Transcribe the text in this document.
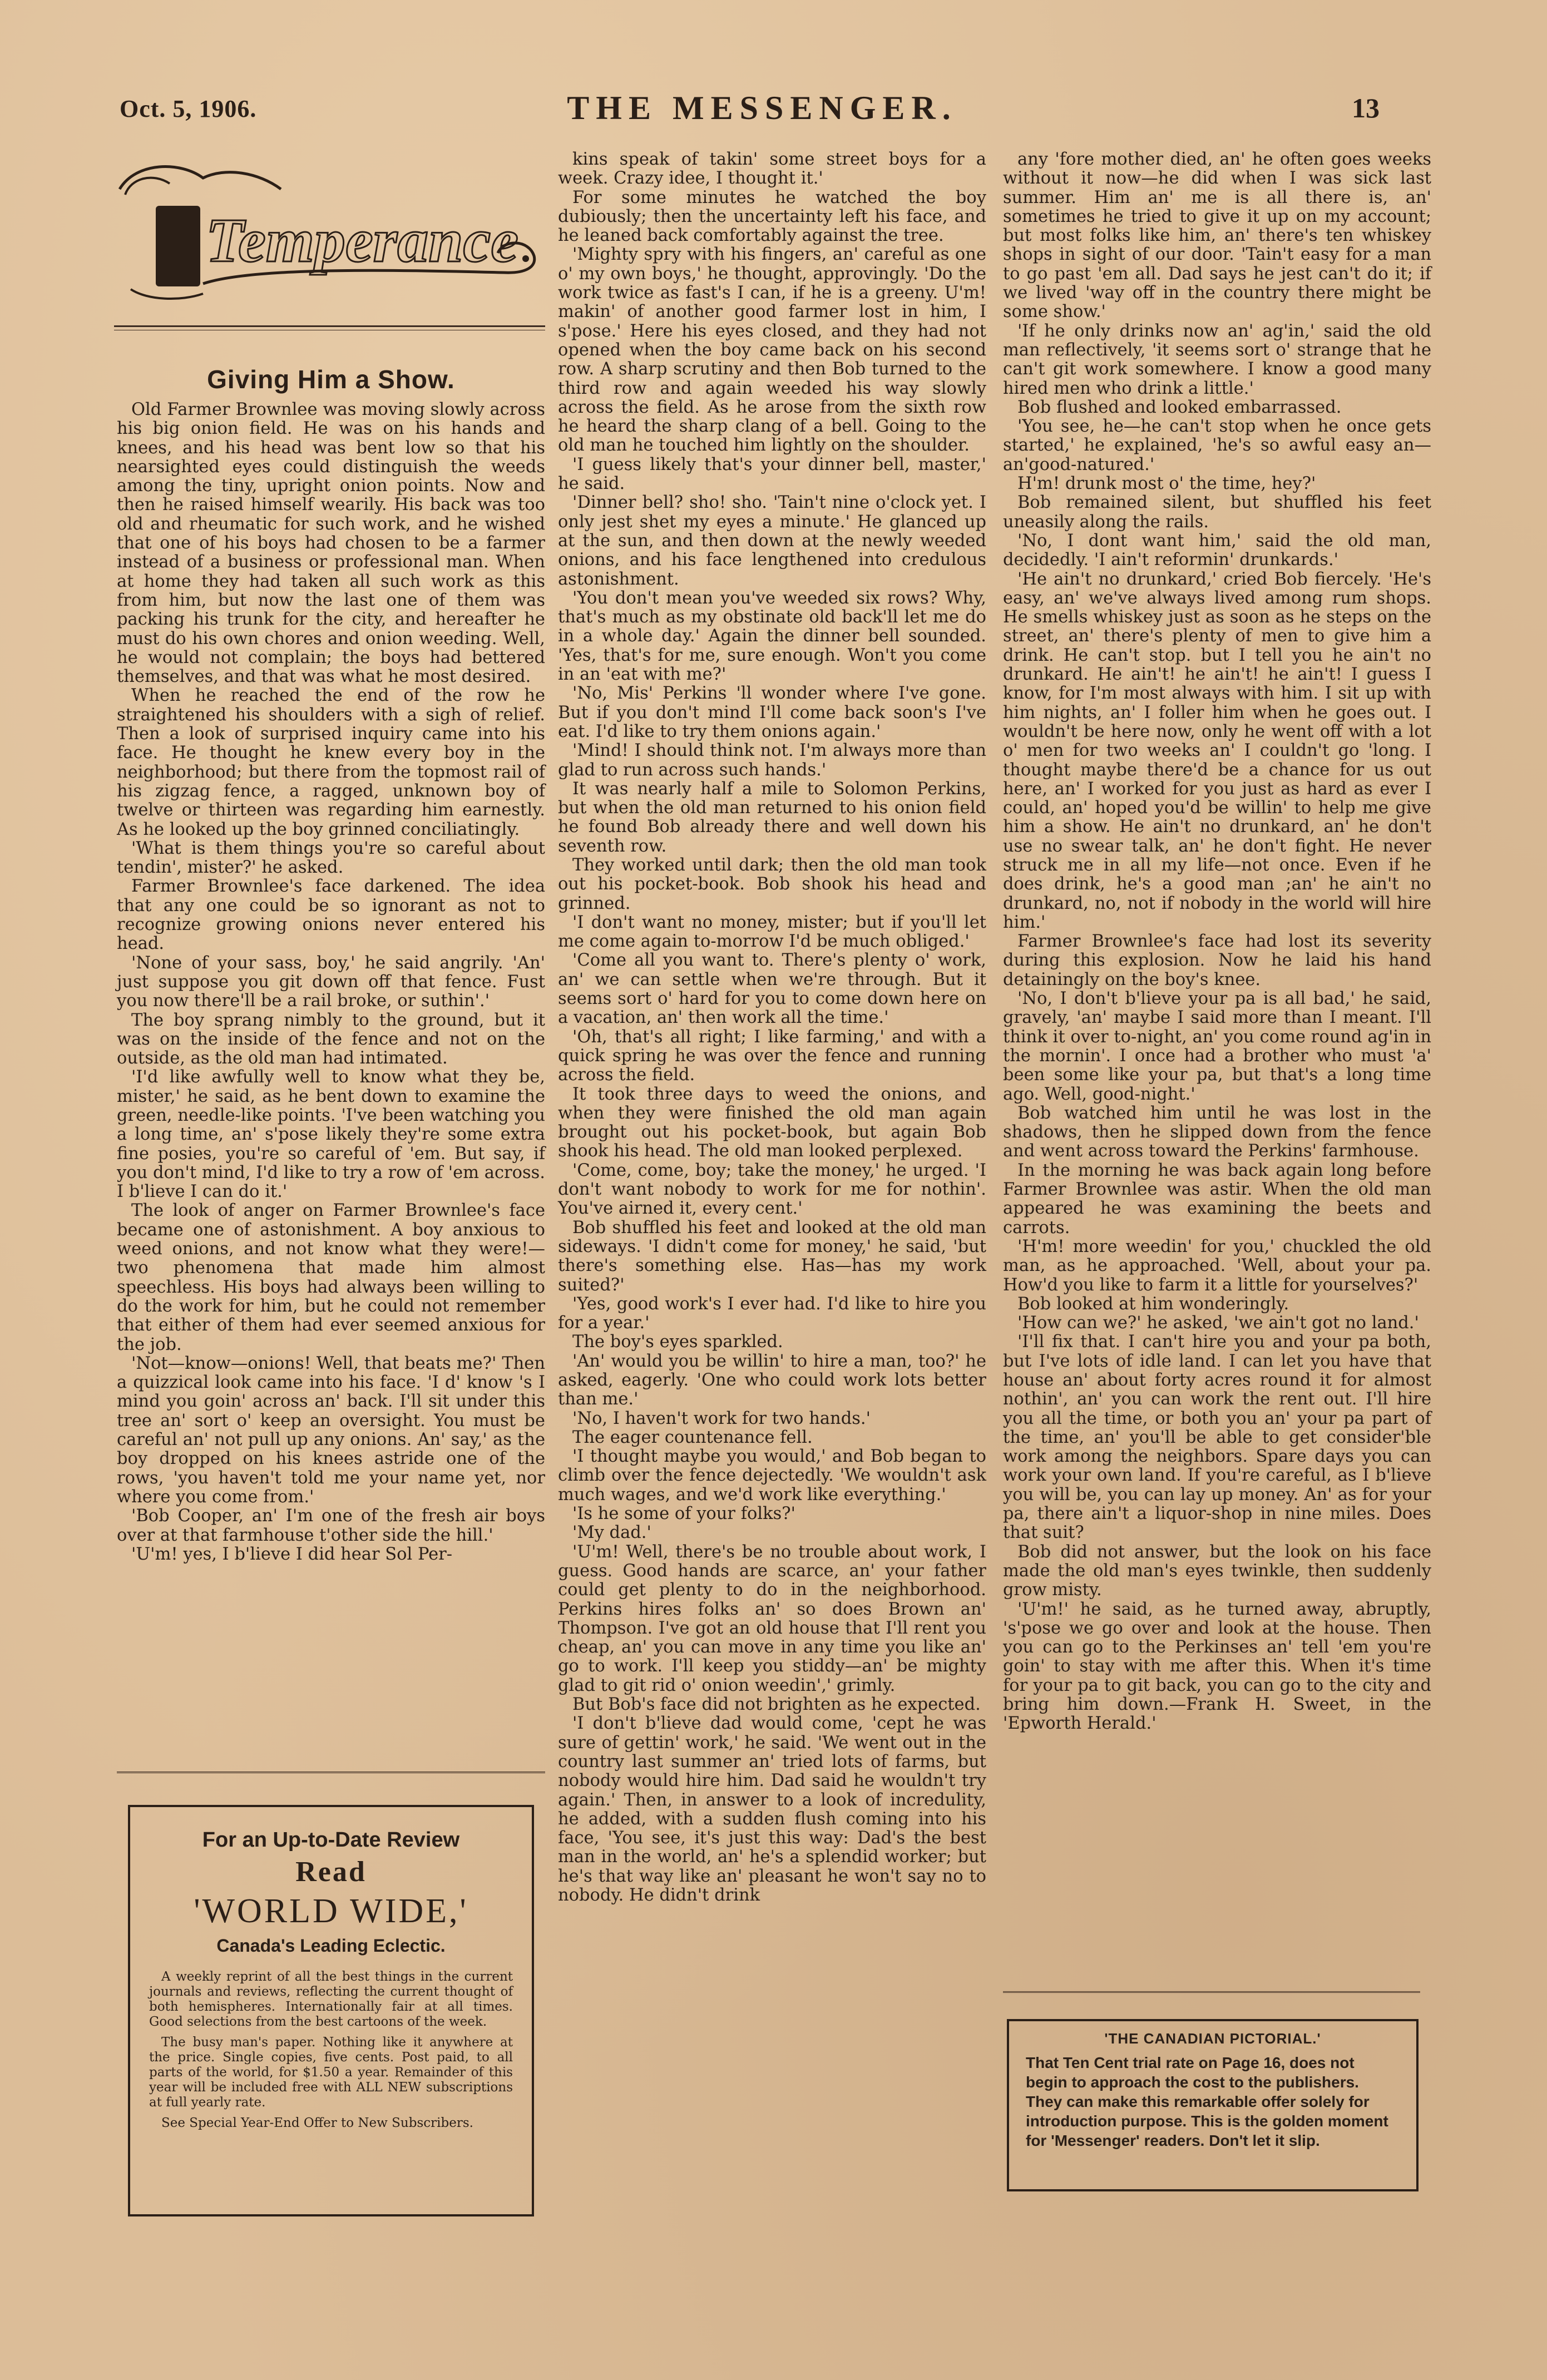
Oct. 5, 1906.	THE MESSENGER.	13
Temperance
Giving Him a Show.

Old Farmer Brownlee was moving slowly across his big onion field. He was on his hands and knees, and his head was bent low so that his nearsighted eyes could distinguish the weeds among the tiny, upright onion points. Now and then he raised himself wearily. His back was too old and rheumatic for such work, and he wished that one of his boys had chosen to be a farmer instead of a business or professional man. When at home they had taken all such work as this from him, but now the last one of them was packing his trunk for the city, and hereafter he must do his own chores and onion weeding. Well, he would not complain; the boys had bettered themselves, and that was what he most desired.

When he reached the end of the row he straightened his shoulders with a sigh of relief. Then a look of surprised inquiry came into his face. He thought he knew every boy in the neighborhood; but there from the topmost rail of his zigzag fence, a ragged, unknown boy of twelve or thirteen was regarding him earnestly. As he looked up the boy grinned conciliatingly.

'What is them things you're so careful about tendin', mister?' he asked.

Farmer Brownlee's face darkened. The idea that any one could be so ignorant as not to recognize growing onions never entered his head.

'None of your sass, boy,' he said angrily. 'An' just suppose you git down off that fence. Fust you now there'll be a rail broke, or suthin'.'

The boy sprang nimbly to the ground, but it was on the inside of the fence and not on the outside, as the old man had intimated.

'I'd like awfully well to know what they be, mister,' he said, as he bent down to examine the green, needle-like points. 'I've been watching you a long time, an' s'pose likely they're some extra fine posies, you're so careful of 'em. But say, if you don't mind, I'd like to try a row of 'em across. I b'lieve I can do it.'

The look of anger on Farmer Brownlee's face became one of astonishment. A boy anxious to weed onions, and not know what they were!—two phenomena that made him almost speechless. His boys had always been willing to do the work for him, but he could not remember that either of them had ever seemed anxious for the job.

'Not—know—onions! Well, that beats me?' Then a quizzical look came into his face. 'I d' know 's I mind you goin' across an' back. I'll sit under this tree an' sort o' keep an oversight. You must be careful an' not pull up any onions. An' say,' as the boy dropped on his knees astride one of the rows, 'you haven't told me your name yet, nor where you come from.'

'Bob Cooper, an' I'm one of the fresh air boys over at that farmhouse t'other side the hill.'

'U'm! yes, I b'lieve I did hear Sol Per-

For an Up-to-Date Review
Read
'WORLD WIDE,'
Canada's Leading Eclectic.

A weekly reprint of all the best things in the current journals and reviews, reflecting the current thought of both hemispheres. Internationally fair at all times. Good selections from the best cartoons of the week.

The busy man's paper. Nothing like it anywhere at the price. Single copies, five cents. Post paid, to all parts of the world, for $1.50 a year. Remainder of this year will be included free with ALL NEW subscriptions at full yearly rate.

See Special Year-End Offer to New Subscribers.

kins speak of takin' some street boys for a week. Crazy idee, I thought it.'

For some minutes he watched the boy dubiously; then the uncertainty left his face, and he leaned back comfortably against the tree.

'Mighty spry with his fingers, an' careful as one o' my own boys,' he thought, approvingly. 'Do the work twice as fast's I can, if he is a greeny. U'm! makin' of another good farmer lost in him, I s'pose.' Here his eyes closed, and they had not opened when the boy came back on his second row. A sharp scrutiny and then Bob turned to the third row and again weeded his way slowly across the field. As he arose from the sixth row he heard the sharp clang of a bell. Going to the old man he touched him lightly on the shoulder.

'I guess likely that's your dinner bell, master,' he said.

'Dinner bell? sho! sho. 'Tain't nine o'clock yet. I only jest shet my eyes a minute.' He glanced up at the sun, and then down at the newly weeded onions, and his face lengthened into credulous astonishment.

'You don't mean you've weeded six rows? Why, that's much as my obstinate old back'll let me do in a whole day.' Again the dinner bell sounded. 'Yes, that's for me, sure enough. Won't you come in an 'eat with me?'

'No, Mis' Perkins 'll wonder where I've gone. But if you don't mind I'll come back soon's I've eat. I'd like to try them onions again.'

'Mind! I should think not. I'm always more than glad to run across such hands.'

It was nearly half a mile to Solomon Perkins, but when the old man returned to his onion field he found Bob already there and well down his seventh row.

They worked until dark; then the old man took out his pocket-book. Bob shook his head and grinned.

'I don't want no money, mister; but if you'll let me come again to-morrow I'd be much obliged.'

'Come all you want to. There's plenty o' work, an' we can settle when we're through. But it seems sort o' hard for you to come down here on a vacation, an' then work all the time.'

'Oh, that's all right; I like farming,' and with a quick spring he was over the fence and running across the field.

It took three days to weed the onions, and when they were finished the old man again brought out his pocket-book, but again Bob shook his head. The old man looked perplexed.

'Come, come, boy; take the money,' he urged. 'I don't want nobody to work for me for nothin'. You've airned it, every cent.'

Bob shuffled his feet and looked at the old man sideways. 'I didn't come for money,' he said, 'but there's something else. Has—has my work suited?'

'Yes, good work's I ever had. I'd like to hire you for a year.'

The boy's eyes sparkled.

'An' would you be willin' to hire a man, too?' he asked, eagerly. 'One who could work lots better than me.'

'No, I haven't work for two hands.'

The eager countenance fell.

'I thought maybe you would,' and Bob began to climb over the fence dejectedly. 'We wouldn't ask much wages, and we'd work like everything.'

'Is he some of your folks?'

'My dad.'

'U'm! Well, there's be no trouble about work, I guess. Good hands are scarce, an' your father could get plenty to do in the neighborhood. Perkins hires folks an' so does Brown an' Thompson. I've got an old house that I'll rent you cheap, an' you can move in any time you like an' go to work. I'll keep you stiddy—an' be mighty glad to git rid o' onion weedin',' grimly.

But Bob's face did not brighten as he expected.

'I don't b'lieve dad would come, 'cept he was sure of gettin' work,' he said. 'We went out in the country last summer an' tried lots of farms, but nobody would hire him. Dad said he wouldn't try again.' Then, in answer to a look of incredulity, he added, with a sudden flush coming into his face, 'You see, it's just this way: Dad's the best man in the world, an' he's a splendid worker; but he's that way like an' pleasant he won't say no to nobody. He didn't drink

any 'fore mother died, an' he often goes weeks without it now—he did when I was sick last summer. Him an' me is all there is, an' sometimes he tried to give it up on my account; but most folks like him, an' there's ten whiskey shops in sight of our door. 'Tain't easy for a man to go past 'em all. Dad says he jest can't do it; if we lived 'way off in the country there might be some show.'

'If he only drinks now an' ag'in,' said the old man reflectively, 'it seems sort o' strange that he can't git work somewhere. I know a good many hired men who drink a little.'

Bob flushed and looked embarrassed.

'You see, he—he can't stop when he once gets started,' he explained, 'he's so awful easy an—an'good-natured.'

H'm! drunk most o' the time, hey?'

Bob remained silent, but shuffled his feet uneasily along the rails.

'No, I dont want him,' said the old man, decidedly. 'I ain't reformin' drunkards.'

'He ain't no drunkard,' cried Bob fiercely. 'He's easy, an' we've always lived among rum shops. He smells whiskey just as soon as he steps on the street, an' there's plenty of men to give him a drink. He can't stop. but I tell you he ain't no drunkard. He ain't! he ain't! he ain't! I guess I know, for I'm most always with him. I sit up with him nights, an' I foller him when he goes out. I wouldn't be here now, only he went off with a lot o' men for two weeks an' I couldn't go 'long. I thought maybe there'd be a chance for us out here, an' I worked for you just as hard as ever I could, an' hoped you'd be willin' to help me give him a show. He ain't no drunkard, an' he don't use no swear talk, an' he don't fight. He never struck me in all my life—not once. Even if he does drink, he's a good man ;an' he ain't no drunkard, no, not if nobody in the world will hire him.'

Farmer Brownlee's face had lost its severity during this explosion. Now he laid his hand detainingly on the boy's knee.

'No, I don't b'lieve your pa is all bad,' he said, gravely, 'an' maybe I said more than I meant. I'll think it over to-night, an' you come round ag'in in the mornin'. I once had a brother who must 'a' been some like your pa, but that's a long time ago. Well, good-night.'

Bob watched him until he was lost in the shadows, then he slipped down from the fence and went across toward the Perkins' farmhouse.

In the morning he was back again long before Farmer Brownlee was astir. When the old man appeared he was examining the beets and carrots.

'H'm! more weedin' for you,' chuckled the old man, as he approached. 'Well, about your pa. How'd you like to farm it a little for yourselves?'

Bob looked at him wonderingly.

'How can we?' he asked, 'we ain't got no land.'

'I'll fix that. I can't hire you and your pa both, but I've lots of idle land. I can let you have that house an' about forty acres round it for almost nothin', an' you can work the rent out. I'll hire you all the time, or both you an' your pa part of the time, an' you'll be able to get consider'ble work among the neighbors. Spare days you can work your own land. If you're careful, as I b'lieve you will be, you can lay up money. An' as for your pa, there ain't a liquor-shop in nine miles. Does that suit?

Bob did not answer, but the look on his face made the old man's eyes twinkle, then suddenly grow misty.

'U'm!' he said, as he turned away, abruptly, 's'pose we go over and look at the house. Then you can go to the Perkinses an' tell 'em you're goin' to stay with me after this. When it's time for your pa to git back, you can go to the city and bring him down.—Frank H. Sweet, in the 'Epworth Herald.'

'THE CANADIAN PICTORIAL.'
That Ten Cent trial rate on Page 16, does not begin to approach the cost to the publishers. They can make this remarkable offer solely for introduction purpose. This is the golden moment for 'Messenger' readers. Don't let it slip.
